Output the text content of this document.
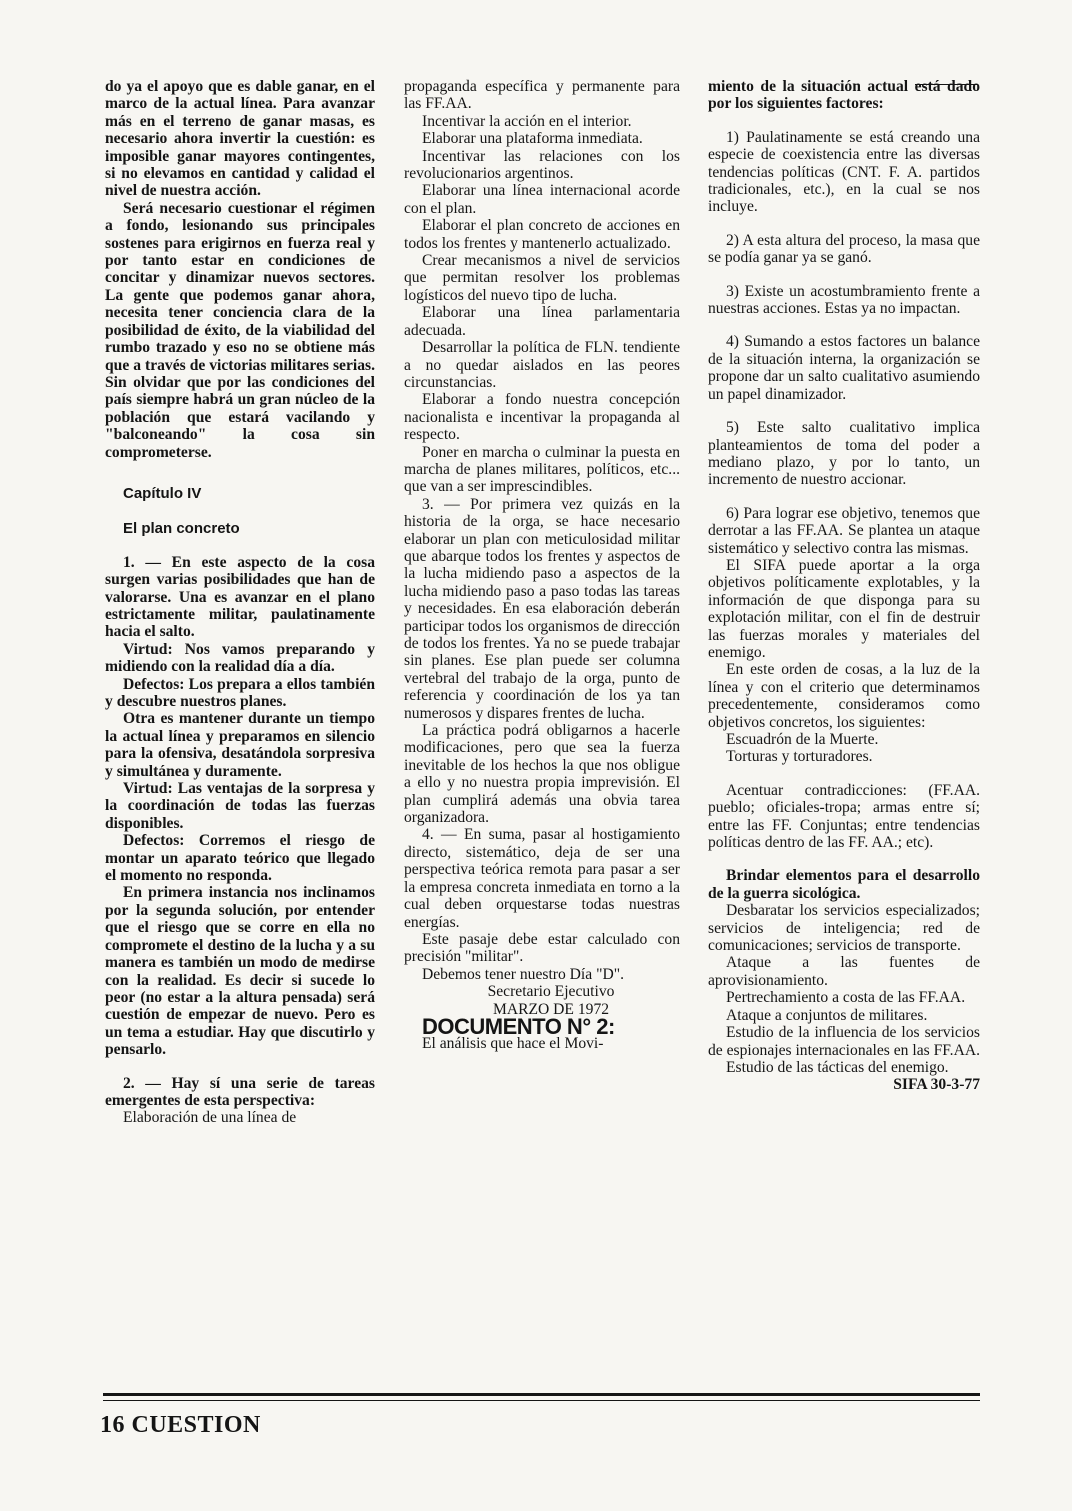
do ya el apoyo que es dable ganar, en el marco de la actual línea. Para avanzar más en el terreno de ganar masas, es necesario ahora invertir la cuestión: es imposible ganar mayores contingentes, si no elevamos en cantidad y calidad el nivel de nuestra acción.

Será necesario cuestionar el régimen a fondo, lesionando sus principales sostenes para erigirnos en fuerza real y por tanto estar en condiciones de concitar y dinamizar nuevos sectores. La gente que podemos ganar ahora, necesita tener conciencia clara de la posibilidad de éxito, de la viabilidad del rumbo trazado y eso no se obtiene más que a través de victorias militares serias. Sin olvidar que por las condiciones del país siempre habrá un gran núcleo de la población que estará vacilando y "balconeando" la cosa sin comprometerse.

Capítulo IV

El plan concreto

1. — En este aspecto de la cosa surgen varias posibilidades que han de valorarse. Una es avanzar en el plano estrictamente militar, paulatinamente hacia el salto.

Virtud: Nos vamos preparando y midiendo con la realidad día a día.

Defectos: Los prepara a ellos también y descubre nuestros planes.

Otra es mantener durante un tiempo la actual línea y preparamos en silencio para la ofensiva, desatándola sorpresiva y simultánea y duramente.

Virtud: Las ventajas de la sorpresa y la coordinación de todas las fuerzas disponibles.

Defectos: Corremos el riesgo de montar un aparato teórico que llegado el momento no responda.

En primera instancia nos inclinamos por la segunda solución, por entender que el riesgo que se corre en ella no compromete el destino de la lucha y a su manera es también un modo de medirse con la realidad. Es decir si sucede lo peor (no estar a la altura pensada) será cuestión de empezar de nuevo. Pero es un tema a estudiar. Hay que discutirlo y pensarlo.

2. — Hay sí una serie de tareas emergentes de esta perspectiva:

Elaboración de una línea de

propaganda específica y permanente para las FF.AA.

Incentivar la acción en el interior.

Elaborar una plataforma inmediata.

Incentivar las relaciones con los revolucionarios argentinos.

Elaborar una línea internacional acorde con el plan.

Elaborar el plan concreto de acciones en todos los frentes y mantenerlo actualizado.

Crear mecanismos a nivel de servicios que permitan resolver los problemas logísticos del nuevo tipo de lucha.

Elaborar una línea parlamentaria adecuada.

Desarrollar la política de FLN. tendiente a no quedar aislados en las peores circunstancias.

Elaborar a fondo nuestra concepción nacionalista e incentivar la propaganda al respecto.

Poner en marcha o culminar la puesta en marcha de planes militares, políticos, etc... que van a ser imprescindibles.

3. — Por primera vez quizás en la historia de la orga, se hace necesario elaborar un plan con meticulosidad militar que abarque todos los frentes y aspectos de la lucha midiendo paso a aspectos de la lucha midiendo paso a paso todas las tareas y necesidades. En esa elaboración deberán participar todos los organismos de dirección de todos los frentes. Ya no se puede trabajar sin planes. Ese plan puede ser columna vertebral del trabajo de la orga, punto de referencia y coordinación de los ya tan numerosos y dispares frentes de lucha.

La práctica podrá obligarnos a hacerle modificaciones, pero que sea la fuerza inevitable de los hechos la que nos obligue a ello y no nuestra propia imprevisión. El plan cumplirá además una obvia tarea organizadora.

4. — En suma, pasar al hostigamiento directo, sistemático, deja de ser una perspectiva teórica remota para pasar a ser la empresa concreta inmediata en torno a la cual deben orquestarse todas nuestras energías.

Este pasaje debe estar calculado con precisión "militar".

Debemos tener nuestro Día "D".

Secretario Ejecutivo
MARZO DE 1972

DOCUMENTO N° 2:

El análisis que hace el Movi-

miento de la situación actual está dado por los siguientes factores:

1) Paulatinamente se está creando una especie de coexistencia entre las diversas tendencias políticas (CNT. F. A. partidos tradicionales, etc.), en la cual se nos incluye.

2) A esta altura del proceso, la masa que se podía ganar ya se ganó.

3) Existe un acostumbramiento frente a nuestras acciones. Estas ya no impactan.

4) Sumando a estos factores un balance de la situación interna, la organización se propone dar un salto cualitativo asumiendo un papel dinamizador.

5) Este salto cualitativo implica planteamientos de toma del poder a mediano plazo, y por lo tanto, un incremento de nuestro accionar.

6) Para lograr ese objetivo, tenemos que derrotar a las FF.AA. Se plantea un ataque sistemático y selectivo contra las mismas.

El SIFA puede aportar a la orga objetivos políticamente explotables, y la información de que disponga para su explotación militar, con el fin de destruir las fuerzas morales y materiales del enemigo.

En este orden de cosas, a la luz de la línea y con el criterio que determinamos precedentemente, consideramos como objetivos concretos, los siguientes:

Escuadrón de la Muerte.

Torturas y torturadores.

Acentuar contradicciones: (FF.AA. pueblo; oficiales-tropa; armas entre sí; entre las FF. Conjuntas; entre tendencias políticas dentro de las FF. AA.; etc).

Brindar elementos para el desarrollo de la guerra sicológica.

Desbaratar los servicios especializados; servicios de inteligencia; red de comunicaciones; servicios de transporte.

Ataque a las fuentes de aprovisionamiento.

Pertrechamiento a costa de las FF.AA.

Ataque a conjuntos de militares.

Estudio de la influencia de los servicios de espionajes internacionales en las FF.AA.

Estudio de las tácticas del enemigo.

SIFA 30-3-77

16 CUESTION
